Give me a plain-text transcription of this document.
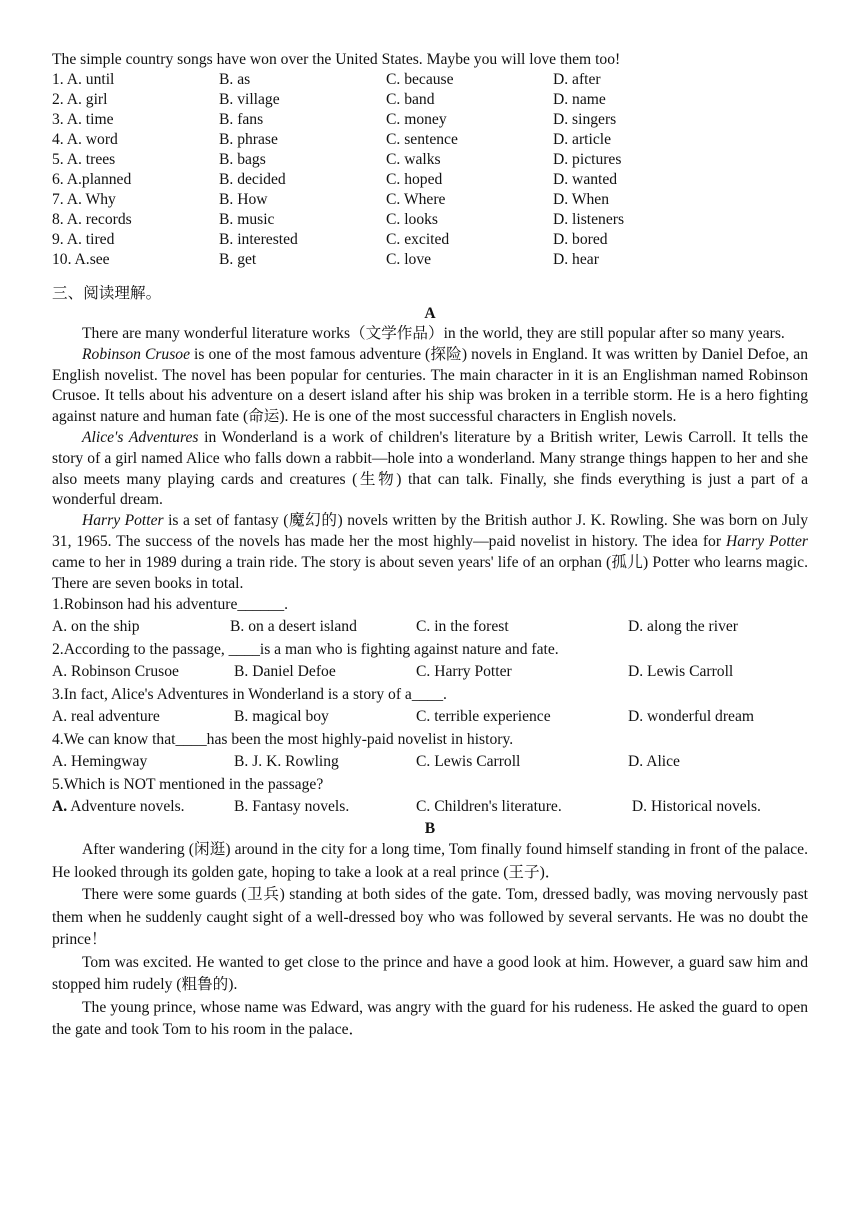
The simple country songs have won over the United States. Maybe you will love them too!
1. A. until	B. as	C. because	D. after
2. A. girl	B. village	C. band	D. name
3. A. time	B. fans	C. money	D. singers
4. A. word	B. phrase	C. sentence	D. article
5. A. trees	B. bags	C. walks	D. pictures
6. A.planned	B. decided	C. hoped	D. wanted
7. A. Why	B. How	C. Where	D. When
8. A. records	B. music	C. looks	D. listeners
9. A. tired	B. interested	C. excited	D. bored
10. A.see	B. get	C. love	D. hear
三、阅读理解。
A
There are many wonderful literature works（文学作品）in the world, they are still popular after so many years.
Robinson Crusoe is one of the most famous adventure (探险) novels in England. It was written by Daniel Defoe, an English novelist. The novel has been popular for centuries. The main character in it is an Englishman named Robinson Crusoe. It tells about his adventure on a desert island after his ship was broken in a terrible storm. He is a hero fighting against nature and human fate (命运). He is one of the most successful characters in English novels.
Alice's Adventures in Wonderland is a work of children's literature by a British writer, Lewis Carroll. It tells the story of a girl named Alice who falls down a rabbit—hole into a wonderland. Many strange things happen to her and she also meets many playing cards and creatures (生物) that can talk. Finally, she finds everything is just a part of a wonderful dream.
Harry Potter is a set of fantasy (魔幻的) novels written by the British author J. K. Rowling. She was born on July 31, 1965. The success of the novels has made her the most highly—paid novelist in history. The idea for Harry Potter came to her in 1989 during a train ride. The story is about seven years' life of an orphan (孤儿) Potter who learns magic. There are seven books in total.
1.Robinson had his adventure______.
A. on the ship	B. on a desert island	C. in the forest	D. along the river
2.According to the passage, ____is a man who is fighting against nature and fate.
A. Robinson Crusoe	B. Daniel Defoe	C. Harry Potter	D. Lewis Carroll
3.In fact, Alice's Adventures in Wonderland is a story of a____.
A. real adventure	B. magical boy	C. terrible experience	D. wonderful dream
4.We can know that____has been the most highly-paid novelist in history.
A. Hemingway	B. J. K. Rowling	C. Lewis Carroll	D. Alice
5.Which is NOT mentioned in the passage?
A. Adventure novels.	B. Fantasy novels.	C. Children's literature.	D. Historical novels.
B
After wandering (闲逛) around in the city for a long time, Tom finally found himself standing in front of the palace. He looked through its golden gate, hoping to take a look at a real prince (王子)．
There were some guards (卫兵) standing at both sides of the gate. Tom, dressed badly, was moving nervously past them when he suddenly caught sight of a well-dressed boy who was followed by several servants. He was no doubt the prince！
Tom was excited. He wanted to get close to the prince and have a good look at him. However, a guard saw him and stopped him rudely (粗鲁的).
The young prince, whose name was Edward, was angry with the guard for his rudeness. He asked the guard to open the gate and took Tom to his room in the palace．
